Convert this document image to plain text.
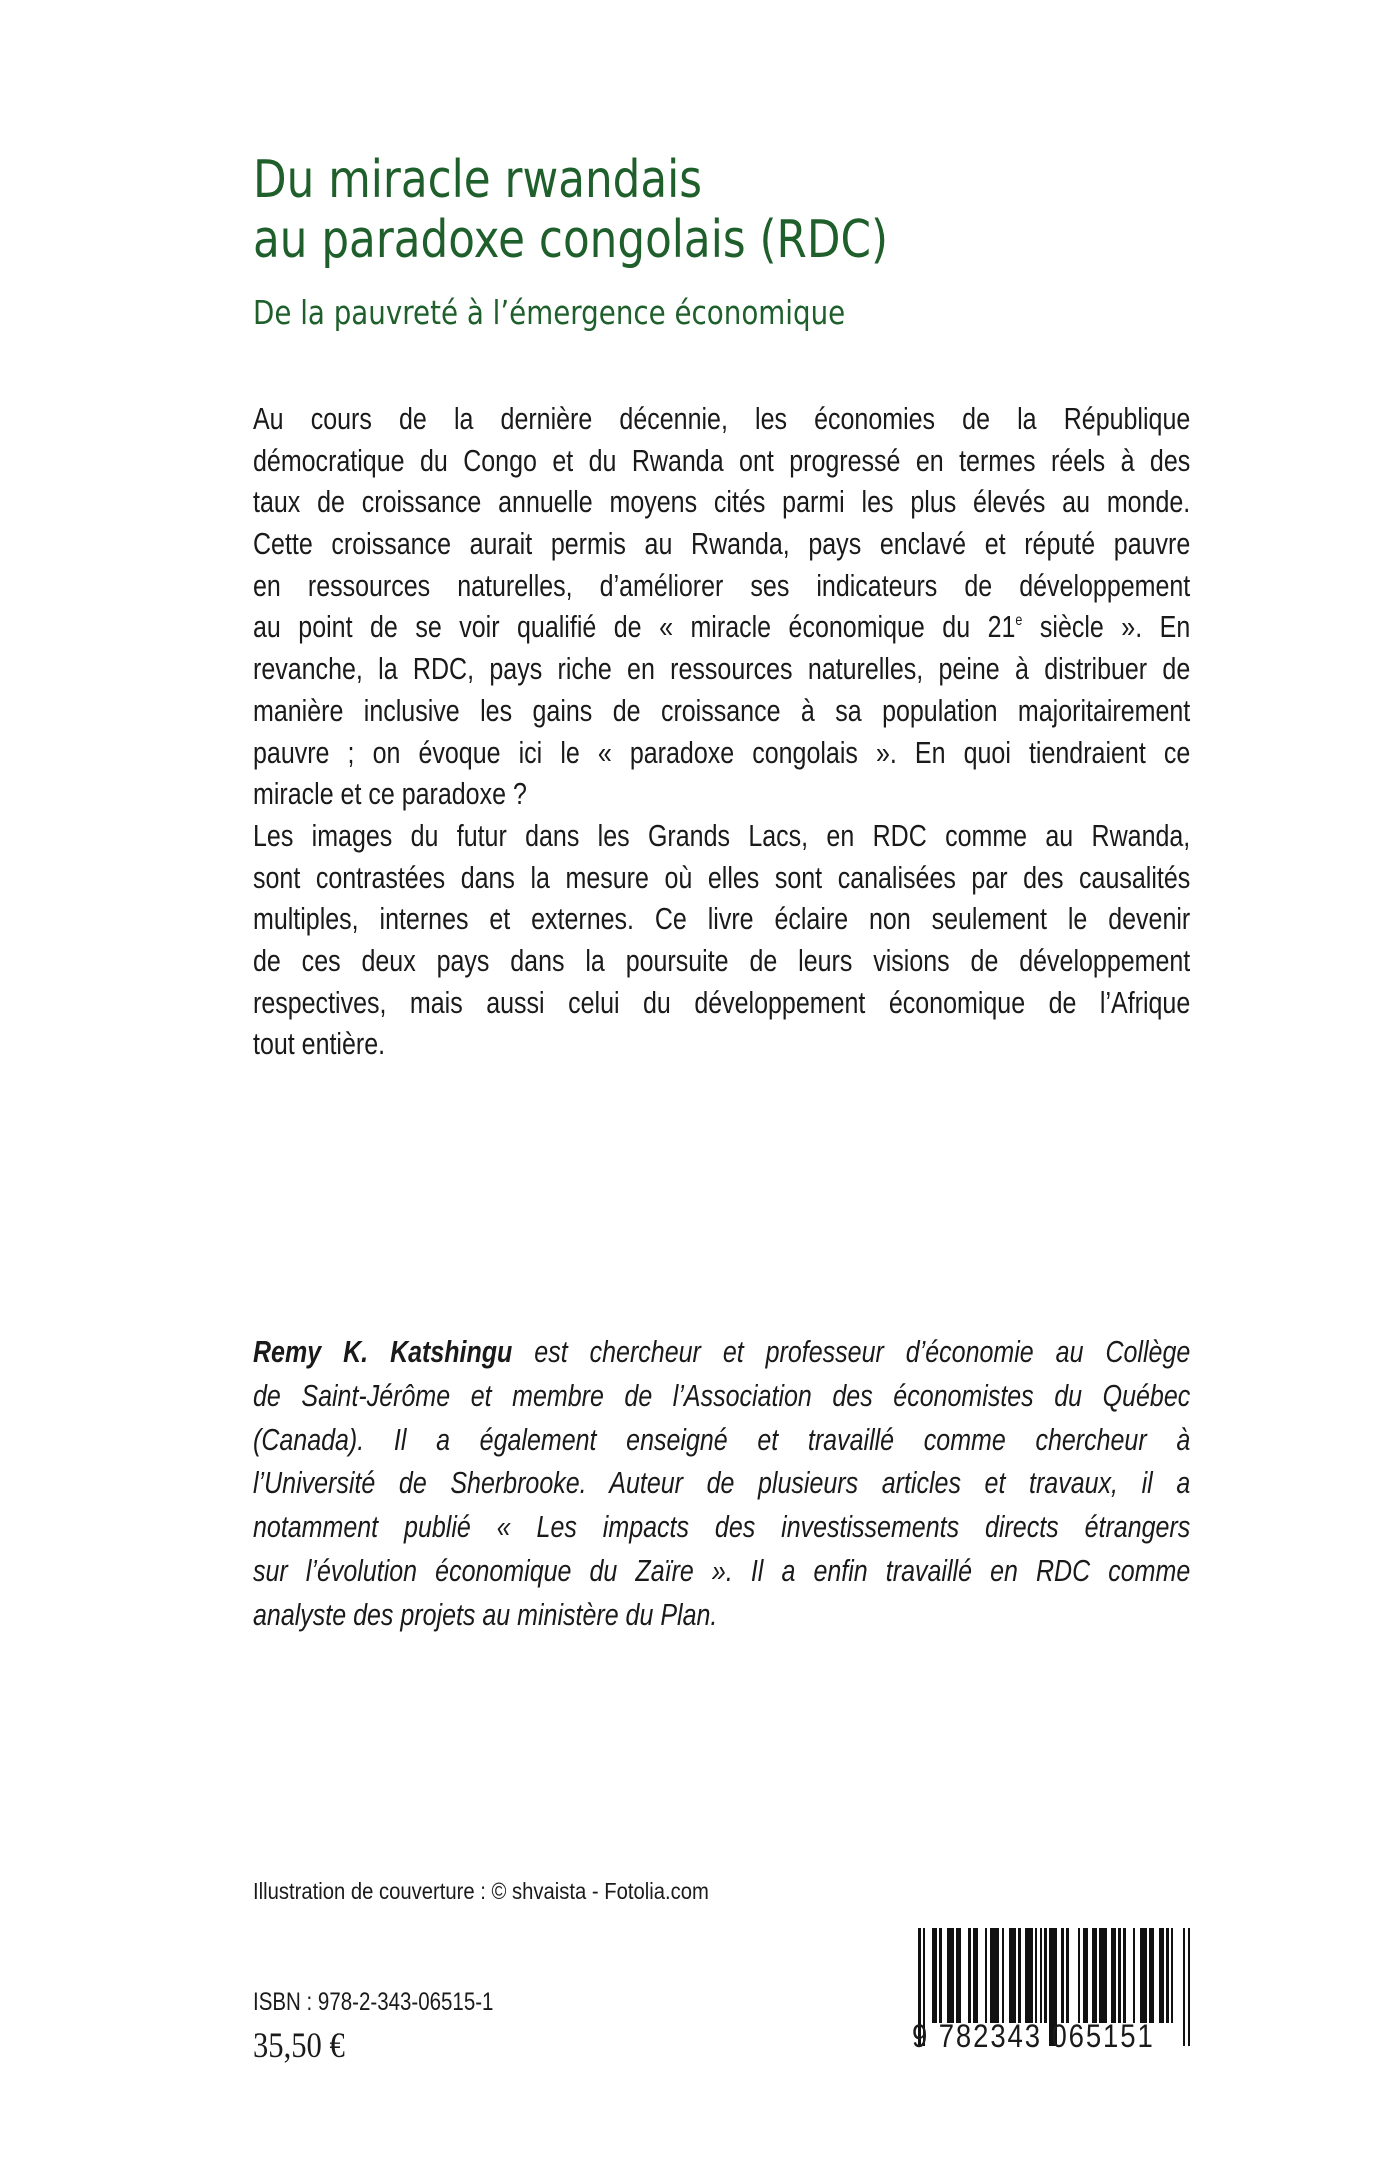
Du miracle rwandais
au paradoxe congolais (RDC)
De la pauvreté à l’émergence économique
Au cours de la dernière décennie, les économies de la République
démocratique du Congo et du Rwanda ont progressé en termes réels à des
taux de croissance annuelle moyens cités parmi les plus élevés au monde.
Cette croissance aurait permis au Rwanda, pays enclavé et réputé pauvre
en ressources naturelles, d’améliorer ses indicateurs de développement
au point de se voir qualifié de « miracle économique du 21e siècle ». En
revanche, la RDC, pays riche en ressources naturelles, peine à distribuer de
manière inclusive les gains de croissance à sa population majoritairement
pauvre ; on évoque ici le « paradoxe congolais ». En quoi tiendraient ce
miracle et ce paradoxe ?
Les images du futur dans les Grands Lacs, en RDC comme au Rwanda,
sont contrastées dans la mesure où elles sont canalisées par des causalités
multiples, internes et externes. Ce livre éclaire non seulement le devenir
de ces deux pays dans la poursuite de leurs visions de développement
respectives, mais aussi celui du développement économique de l’Afrique
tout entière.
Remy K. Katshingu est chercheur et professeur d’économie au Collège
de Saint-Jérôme et membre de l’Association des économistes du Québec
(Canada). Il a également enseigné et travaillé comme chercheur à
l’Université de Sherbrooke. Auteur de plusieurs articles et travaux, il a
notamment publié « Les impacts des investissements directs étrangers
sur l’évolution économique du Zaïre ». Il a enfin travaillé en RDC comme
analyste des projets au ministère du Plan.
Illustration de couverture : © shvaista - Fotolia.com
ISBN : 978-2-343-06515-1
35,50 €	9 782343 065151
